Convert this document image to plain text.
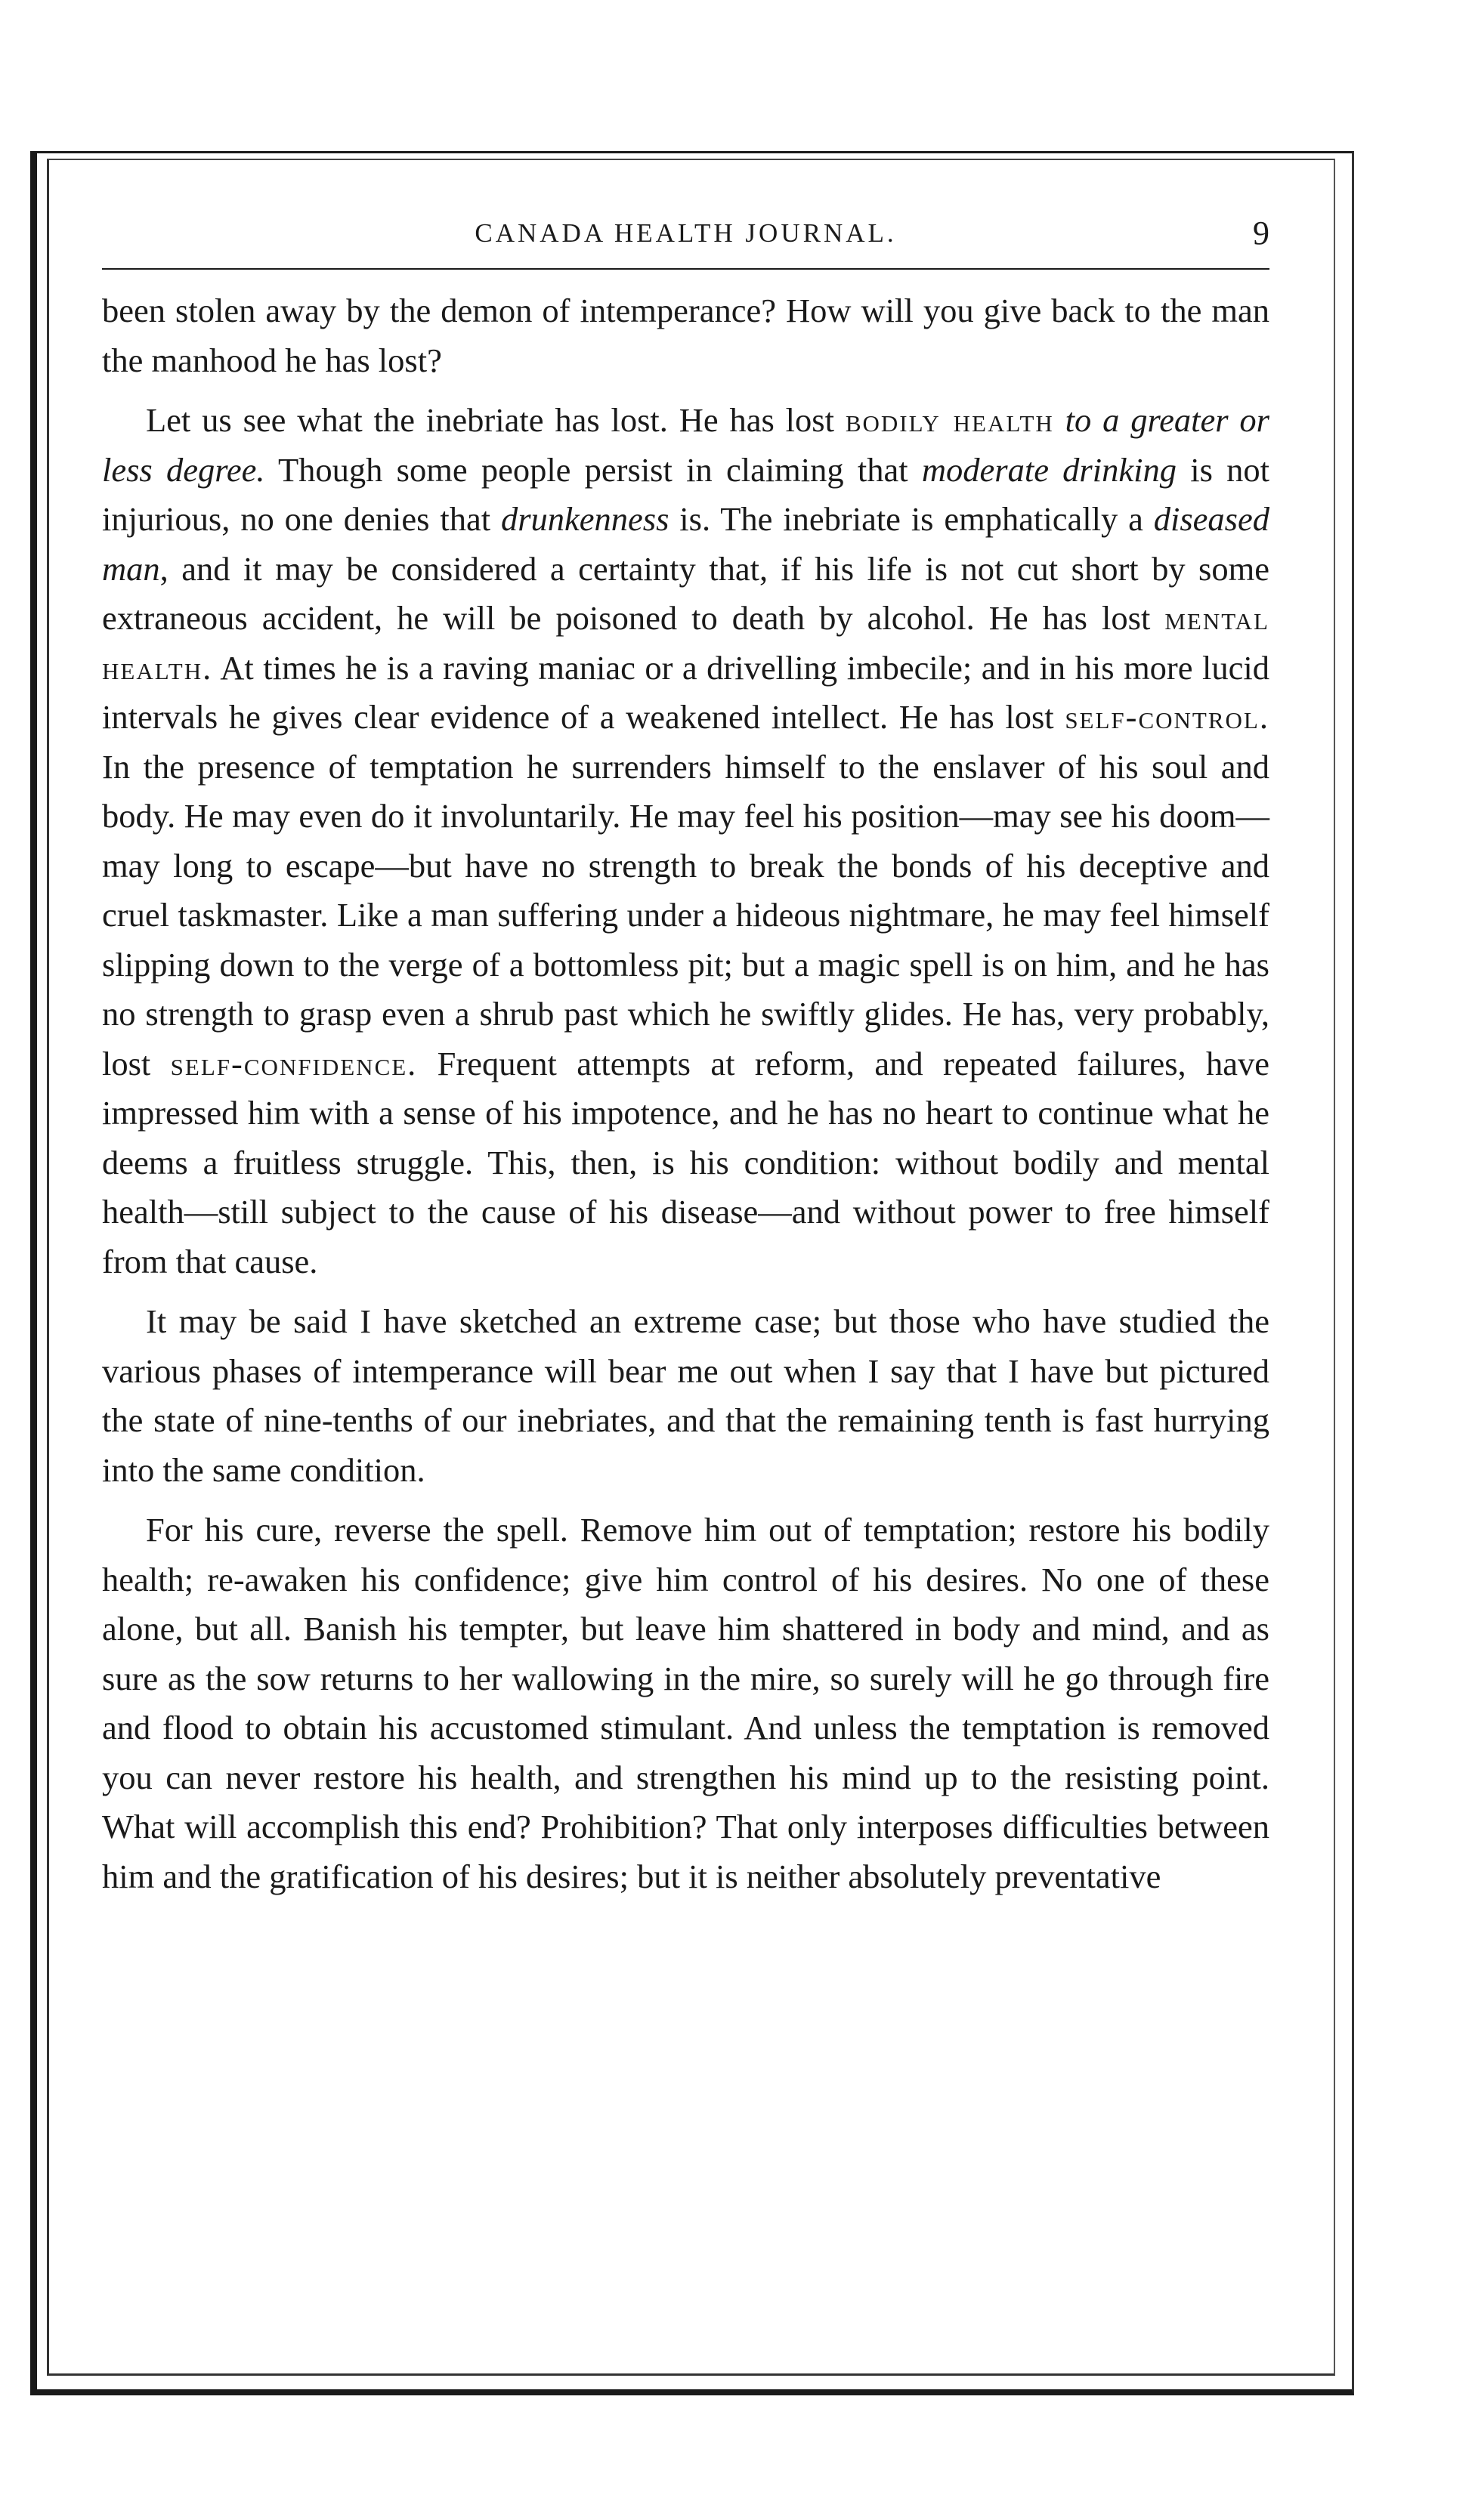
CANADA HEALTH JOURNAL.	9

been stolen away by the demon of intemperance? How will you give back to the man the manhood he has lost?

Let us see what the inebriate has lost. He has lost bodily health to a greater or less degree. Though some people persist in claiming that moderate drinking is not injurious, no one denies that drunkenness is. The inebriate is emphatically a diseased man, and it may be considered a certainty that, if his life is not cut short by some extraneous accident, he will be poisoned to death by alcohol. He has lost mental health. At times he is a raving maniac or a drivelling imbecile; and in his more lucid intervals he gives clear evidence of a weakened intellect. He has lost self-control. In the presence of temptation he surrenders himself to the enslaver of his soul and body. He may even do it involuntarily. He may feel his position—may see his doom—may long to escape—but have no strength to break the bonds of his deceptive and cruel taskmaster. Like a man suffering under a hideous nightmare, he may feel himself slipping down to the verge of a bottomless pit; but a magic spell is on him, and he has no strength to grasp even a shrub past which he swiftly glides. He has, very probably, lost self-confidence. Frequent attempts at reform, and repeated failures, have impressed him with a sense of his impotence, and he has no heart to continue what he deems a fruitless struggle. This, then, is his condition: without bodily and mental health—still subject to the cause of his disease—and without power to free himself from that cause.

It may be said I have sketched an extreme case; but those who have studied the various phases of intemperance will bear me out when I say that I have but pictured the state of nine-tenths of our inebriates, and that the remaining tenth is fast hurrying into the same condition.

For his cure, reverse the spell. Remove him out of temptation; restore his bodily health; re-awaken his confidence; give him control of his desires. No one of these alone, but all. Banish his tempter, but leave him shattered in body and mind, and as sure as the sow returns to her wallowing in the mire, so surely will he go through fire and flood to obtain his accustomed stimulant. And unless the temptation is removed you can never restore his health, and strengthen his mind up to the resisting point. What will accomplish this end? Prohibition? That only interposes difficulties between him and the gratification of his desires; but it is neither absolutely preventative
